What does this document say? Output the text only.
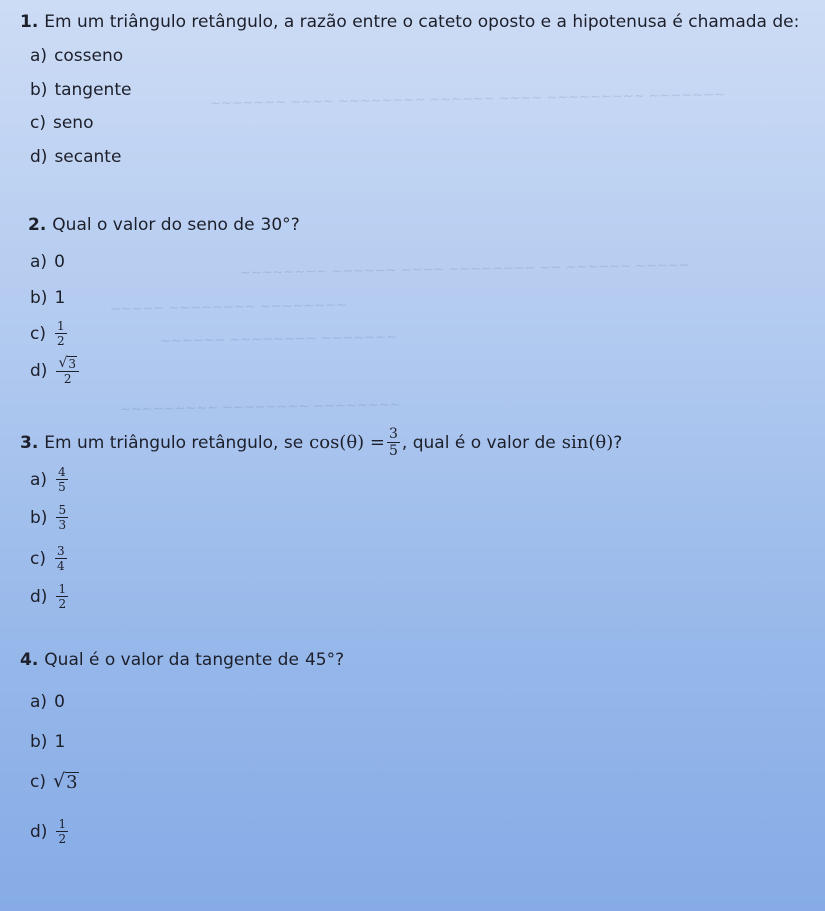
~~~~~~~ ~~~~ ~~~~~~~~ ~~~~~~ ~~~~ ~~~~~~~~~ ~~~~~~~
~~~~~~~~ ~~~~~~ ~~~~ ~~~~~~~~ ~~ ~~~~~~ ~~~~~
~~~~~ ~~~~~~~~ ~~~~~~~~
~~~~~~ ~~~~~~~~ ~~~~~~~
~~~~~~~~~ ~~~~~~~~ ~~~~~~~~
1. Em um triângulo retângulo, a razão entre o cateto oposto e a hipotenusa é chamada de:
a) cosseno
b) tangente
c) seno
d) secante
2. Qual o valor do seno de 30° ?
a) 0
b) 1
$c) \frac{1}{2}$
$d) \frac{√ 3}{2}$
3. Em um triângulo retângulo, se $\cos(\theta) = \frac{3}{5}$ , qual é o valor de sin(θ) ?
$a) \frac{4}{5}$
$b) \frac{5}{3}$
$c) \frac{3}{4}$
$d) \frac{1}{2}$
4. Qual é o valor da tangente de 45° ?
a) 0
b) 1
c) √ 3
$d) \frac{1}{2}$
